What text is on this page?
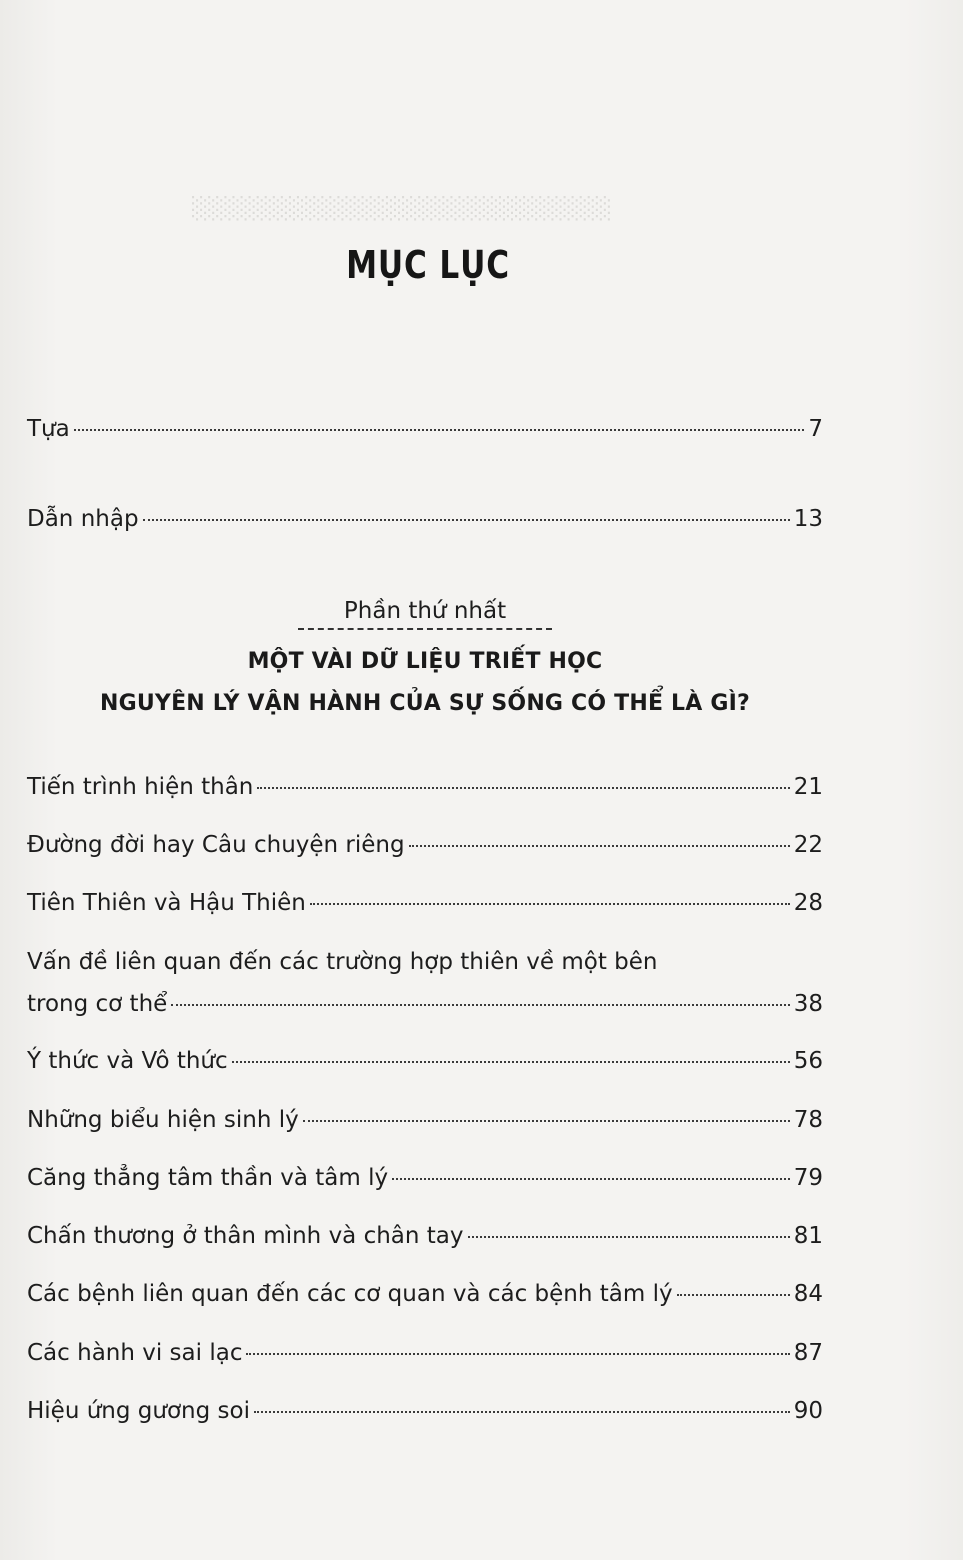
░░░░░░░░░░░░░░░░░░░░░░░░░░
MỤC LỤC
Tựa	7
Dẫn nhập	13
Phần thứ nhất
MỘT VÀI DỮ LIỆU TRIẾT HỌC
NGUYÊN LÝ VẬN HÀNH CỦA SỰ SỐNG CÓ THỂ LÀ GÌ?
Tiến trình hiện thân	21
Đường đời hay Câu chuyện riêng	22
Tiên Thiên và Hậu Thiên	28
Vấn đề liên quan đến các trường hợp thiên về một bên
trong cơ thể	38
Ý thức và Vô thức	56
Những biểu hiện sinh lý	78
Căng thẳng tâm thần và tâm lý	79
Chấn thương ở thân mình và chân tay	81
Các bệnh liên quan đến các cơ quan và các bệnh tâm lý	84
Các hành vi sai lạc	87
Hiệu ứng gương soi	90
